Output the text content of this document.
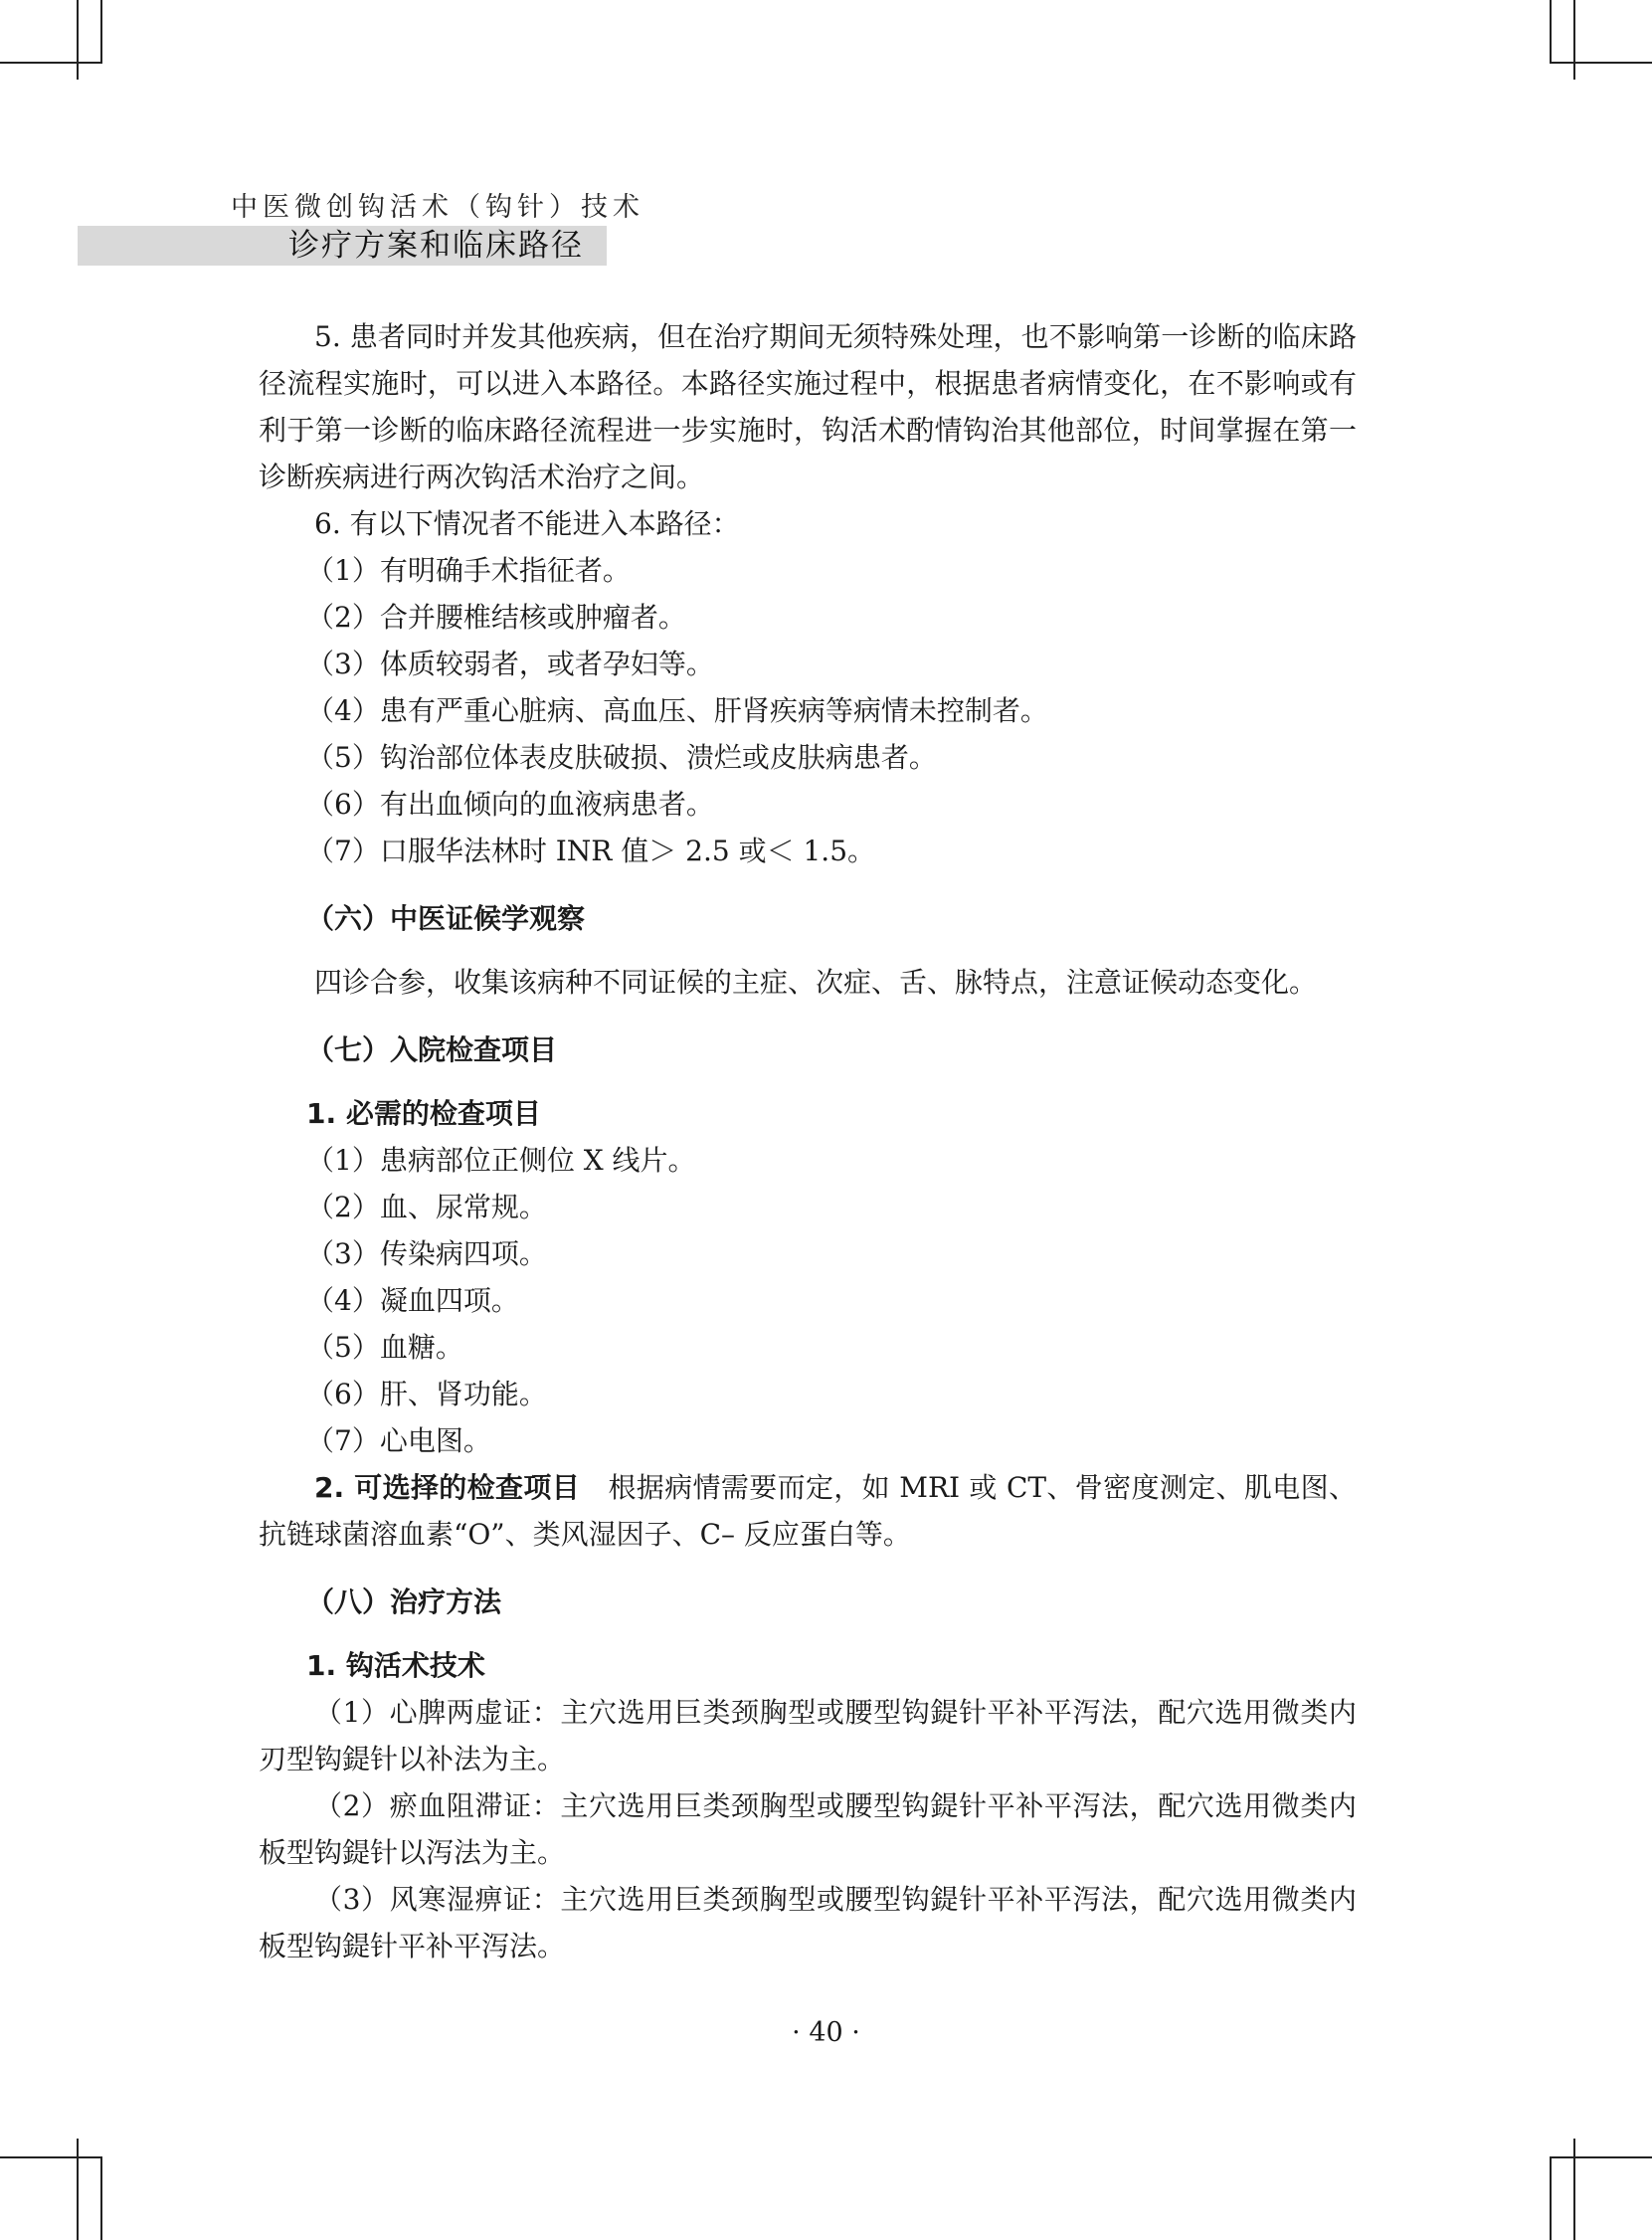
中医微创钩活术（钩针）技术
诊疗方案和临床路径

5. 患者同时并发其他疾病，但在治疗期间无须特殊处理，也不影响第一诊断的临床路径流程实施时，可以进入本路径。本路径实施过程中，根据患者病情变化，在不影响或有利于第一诊断的临床路径流程进一步实施时，钩活术酌情钩治其他部位，时间掌握在第一诊断疾病进行两次钩活术治疗之间。

6. 有以下情况者不能进入本路径：

（1）有明确手术指征者。

（2）合并腰椎结核或肿瘤者。

（3）体质较弱者，或者孕妇等。

（4）患有严重心脏病、高血压、肝肾疾病等病情未控制者。

（5）钩治部位体表皮肤破损、溃烂或皮肤病患者。

（6）有出血倾向的血液病患者。

（7）口服华法林时 INR 值＞ 2.5 或＜ 1.5。

（六）中医证候学观察

四诊合参，收集该病种不同证候的主症、次症、舌、脉特点，注意证候动态变化。

（七）入院检查项目

1. 必需的检查项目

（1）患病部位正侧位 X 线片。

（2）血、尿常规。

（3）传染病四项。

（4）凝血四项。

（5）血糖。

（6）肝、肾功能。

（7）心电图。

2. 可选择的检查项目　 根据病情需要而定，如 MRI 或 CT、骨密度测定、肌电图、抗链球菌溶血素“O”、类风湿因子、C– 反应蛋白等。

（八）治疗方法

1. 钩活术技术

（1）心脾两虚证：主穴选用巨类颈胸型或腰型钩鍉针平补平泻法，配穴选用微类内刃型钩鍉针以补法为主。

（2）瘀血阻滞证：主穴选用巨类颈胸型或腰型钩鍉针平补平泻法，配穴选用微类内板型钩鍉针以泻法为主。

（3）风寒湿痹证：主穴选用巨类颈胸型或腰型钩鍉针平补平泻法，配穴选用微类内板型钩鍉针平补平泻法。

· 40 ·
